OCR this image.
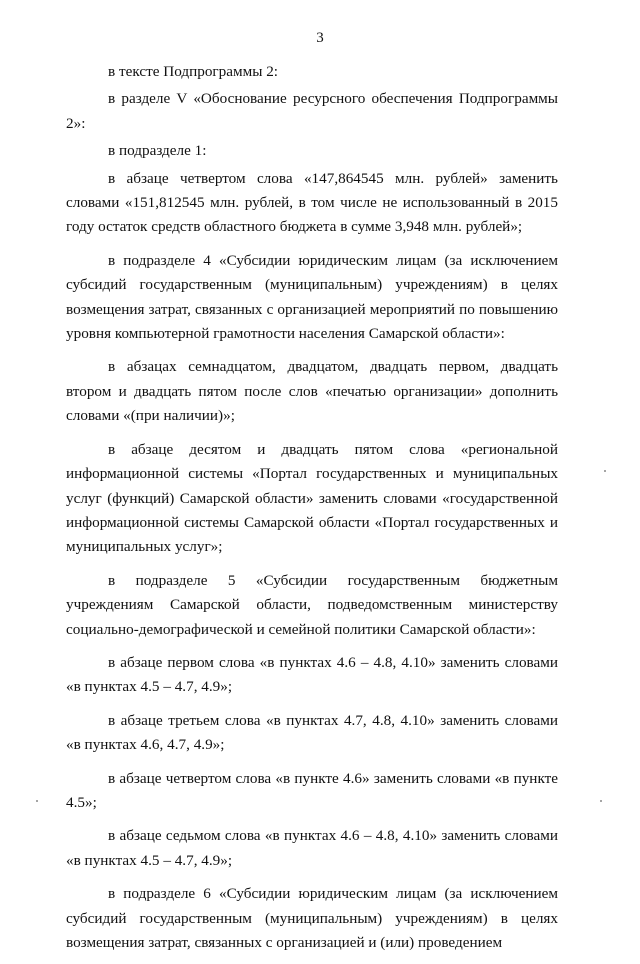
3

в тексте Подпрограммы 2:

в разделе V «Обоснование ресурсного обеспечения Подпрограммы 2»:

в подразделе 1:

в абзаце четвертом слова «147,864545 млн. рублей» заменить словами «151,812545 млн. рублей, в том числе не использованный в 2015 году остаток средств областного бюджета в сумме 3,948 млн. рублей»;

в подразделе 4 «Субсидии юридическим лицам (за исключением субсидий государственным (муниципальным) учреждениям) в целях возмещения затрат, связанных с организацией мероприятий по повышению уровня компьютерной грамотности населения Самарской области»:

в абзацах семнадцатом, двадцатом, двадцать первом, двадцать втором и двадцать пятом после слов «печатью организации» дополнить словами «(при наличии)»;

в абзаце десятом и двадцать пятом слова «региональной информационной системы «Портал государственных и муниципальных услуг (функций) Самарской области» заменить словами «государственной информационной системы Самарской области «Портал государственных и муниципальных услуг»;

в подразделе 5 «Субсидии государственным бюджетным учреждениям Самарской области, подведомственным министерству социально-демографической и семейной политики Самарской области»:

в абзаце первом слова «в пунктах 4.6 – 4.8, 4.10» заменить словами «в пунктах 4.5 – 4.7, 4.9»;

в абзаце третьем слова «в пунктах 4.7, 4.8, 4.10» заменить словами «в пунктах 4.6, 4.7, 4.9»;

в абзаце четвертом слова «в пункте 4.6» заменить словами «в пункте 4.5»;

в абзаце седьмом слова «в пунктах 4.6 – 4.8, 4.10» заменить словами «в пунктах 4.5 – 4.7, 4.9»;

в подразделе 6 «Субсидии юридическим лицам (за исключением субсидий государственным (муниципальным) учреждениям) в целях возмещения затрат, связанных с организацией и (или) проведением
